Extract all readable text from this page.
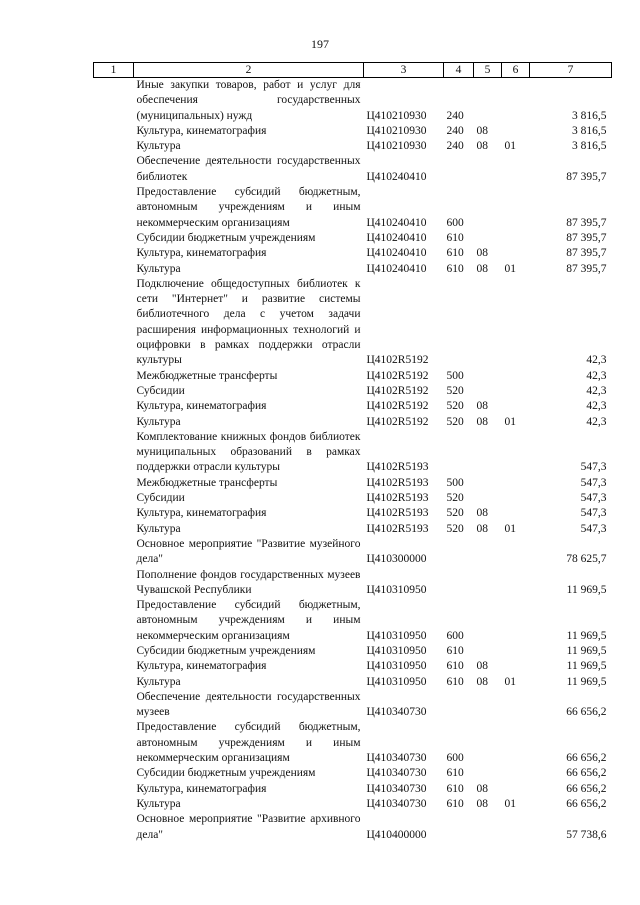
197
1	2	3	4	5	6	7
	Иные закупки товаров, работ и услуг для обеспечения государственных (муниципальных) нужд	Ц410210930	240			3 816,5
	Культура, кинематография	Ц410210930	240	08		3 816,5
	Культура	Ц410210930	240	08	01	3 816,5
	Обеспечение деятельности государственных библиотек	Ц410240410				87 395,7
	Предоставление субсидий бюджетным, автономным учреждениям и иным некоммерческим организациям	Ц410240410	600			87 395,7
	Субсидии бюджетным учреждениям	Ц410240410	610			87 395,7
	Культура, кинематография	Ц410240410	610	08		87 395,7
	Культура	Ц410240410	610	08	01	87 395,7
	Подключение общедоступных библиотек к сети "Интернет" и развитие системы библиотечного дела с учетом задачи расширения информационных технологий и оцифровки в рамках поддержки отрасли культуры	Ц4102R5192				42,3
	Межбюджетные трансферты	Ц4102R5192	500			42,3
	Субсидии	Ц4102R5192	520			42,3
	Культура, кинематография	Ц4102R5192	520	08		42,3
	Культура	Ц4102R5192	520	08	01	42,3
	Комплектование книжных фондов библиотек муниципальных образований в рамках поддержки отрасли культуры	Ц4102R5193				547,3
	Межбюджетные трансферты	Ц4102R5193	500			547,3
	Субсидии	Ц4102R5193	520			547,3
	Культура, кинематография	Ц4102R5193	520	08		547,3
	Культура	Ц4102R5193	520	08	01	547,3
	Основное мероприятие "Развитие музейного дела"	Ц410300000				78 625,7
	Пополнение фондов государственных музеев Чувашской Республики	Ц410310950				11 969,5
	Предоставление субсидий бюджетным, автономным учреждениям и иным некоммерческим организациям	Ц410310950	600			11 969,5
	Субсидии бюджетным учреждениям	Ц410310950	610			11 969,5
	Культура, кинематография	Ц410310950	610	08		11 969,5
	Культура	Ц410310950	610	08	01	11 969,5
	Обеспечение деятельности государственных музеев	Ц410340730				66 656,2
	Предоставление субсидий бюджетным, автономным учреждениям и иным некоммерческим организациям	Ц410340730	600			66 656,2
	Субсидии бюджетным учреждениям	Ц410340730	610			66 656,2
	Культура, кинематография	Ц410340730	610	08		66 656,2
	Культура	Ц410340730	610	08	01	66 656,2
	Основное мероприятие "Развитие архивного дела"	Ц410400000				57 738,6
